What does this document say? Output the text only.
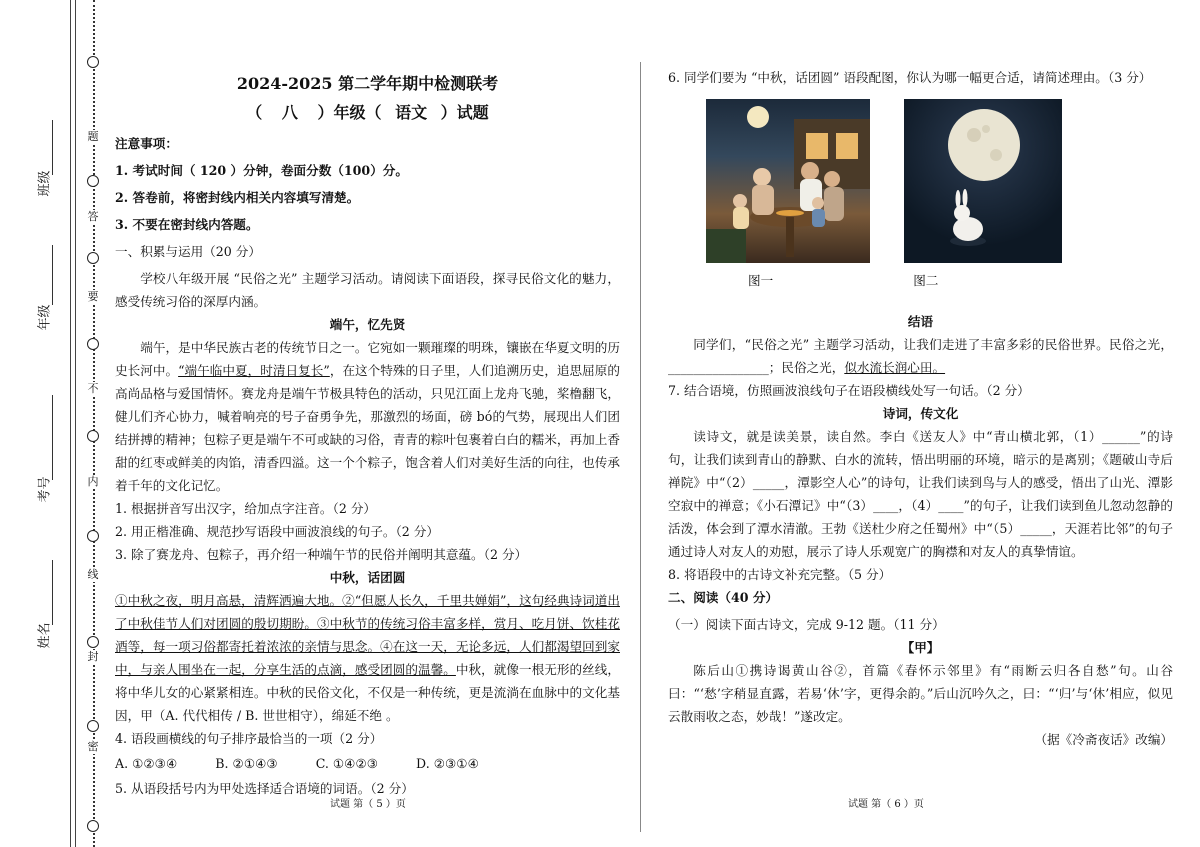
密
封
线
内
不
要
答
题
班级
年级
考号
姓名
2024-2025 第二学年期中检测联考
（ 八 ）年级（ 语文 ）试题

注意事项：

1. 考试时间（ 120 ）分钟，卷面分数（100）分。

2. 答卷前，将密封线内相关内容填写清楚。

3. 不要在密封线内答题。

一、积累与运用（20 分）

学校八年级开展 “民俗之光” 主题学习活动。请阅读下面语段，探寻民俗文化的魅力，感受传统习俗的深厚内涵。

端午，忆先贤

端午，是中华民族古老的传统节日之一。它宛如一颗璀璨的明珠，镶嵌在华夏文明的历史长河中。“端午临中夏，时清日复长”，在这个特殊的日子里，人们追溯历史，追思屈原的高尚品格与爱国情怀。赛龙舟是端午节极具特色的活动，只见江面上龙舟飞驰，桨橹翻飞，健儿们齐心协力，喊着响亮的号子奋勇争先，那激烈的场面，磅 bó的气势，展现出人们团结拼搏的精神；包粽子更是端午不可或缺的习俗，青青的粽叶包裹着白白的糯米，再加上香甜的红枣或鲜美的肉馅，清香四溢。这一个个粽子，饱含着人们对美好生活的向往，也传承着千年的文化记忆。

1. 根据拼音写出汉字，给加点字注音。（2 分）

2. 用正楷准确、规范抄写语段中画波浪线的句子。（2 分）

3. 除了赛龙舟、包粽子，再介绍一种端午节的民俗并阐明其意蕴。（2 分）

中秋，话团圆

①中秋之夜，明月高悬，清辉洒遍大地。②“但愿人长久，千里共婵娟”，这句经典诗词道出了中秋佳节人们对团圆的殷切期盼。③中秋节的传统习俗丰富多样，赏月、吃月饼、饮桂花酒等，每一项习俗都寄托着浓浓的亲情与思念。④在这一天，无论多远，人们都渴望回到家中，与亲人围坐在一起，分享生活的点滴，感受团圆的温馨。中秋，就像一根无形的丝线，将中华儿女的心紧紧相连。中秋的民俗文化，不仅是一种传统，更是流淌在血脉中的文化基因，甲（A. 代代相传 / B. 世世相守），绵延不绝 。

4. 语段画横线的句子排序最恰当的一项（2 分）

A. ①②③④	B. ②①④③	C. ①④②③	D. ②③①④

5. 从语段括号内为甲处选择适合语境的词语。（2 分）

试题 第（ 5 ）页

6. 同学们要为 “中秋，话团圆” 语段配图，你认为哪一幅更合适，请简述理由。（3 分）

图一	图二

结语

同学们，“民俗之光” 主题学习活动，让我们走进了丰富多彩的民俗世界。民俗之光，________________；民俗之光，似水流长润心田。

7. 结合语境，仿照画波浪线句子在语段横线处写一句话。（2 分）

诗词，传文化

读诗文，就是读美景，读自然。李白《送友人》中“青山横北郭，（1）______”的诗句，让我们读到青山的静默、白水的流转，悟出明丽的环境，暗示的是离别；《题破山寺后禅院》中“（2）_____，潭影空人心”的诗句，让我们读到鸟与人的感受，悟出了山光、潭影空寂中的禅意；《小石潭记》中“（3）____，（4）____”的句子，让我们读到鱼儿忽动忽静的活泼，体会到了潭水清澈。王勃《送杜少府之任蜀州》中“（5）_____，天涯若比邻”的句子通过诗人对友人的劝慰，展示了诗人乐观宽广的胸襟和对友人的真挚情谊。

8. 将语段中的古诗文补充完整。（5 分）

二、阅读（40 分）

（一）阅读下面古诗文，完成 9-12 题。（11 分）

【甲】

陈后山①携诗谒黄山谷②，首篇《春怀示邻里》有“雨断云归各自愁”句。山谷曰：“‘愁’字稍显直露，若易‘休’字，更得余韵。”后山沉吟久之，曰：“‘归’与‘休’相应，似见云散雨收之态，妙哉！”遂改定。

（据《冷斋夜话》改编）

试题 第（ 6 ）页
